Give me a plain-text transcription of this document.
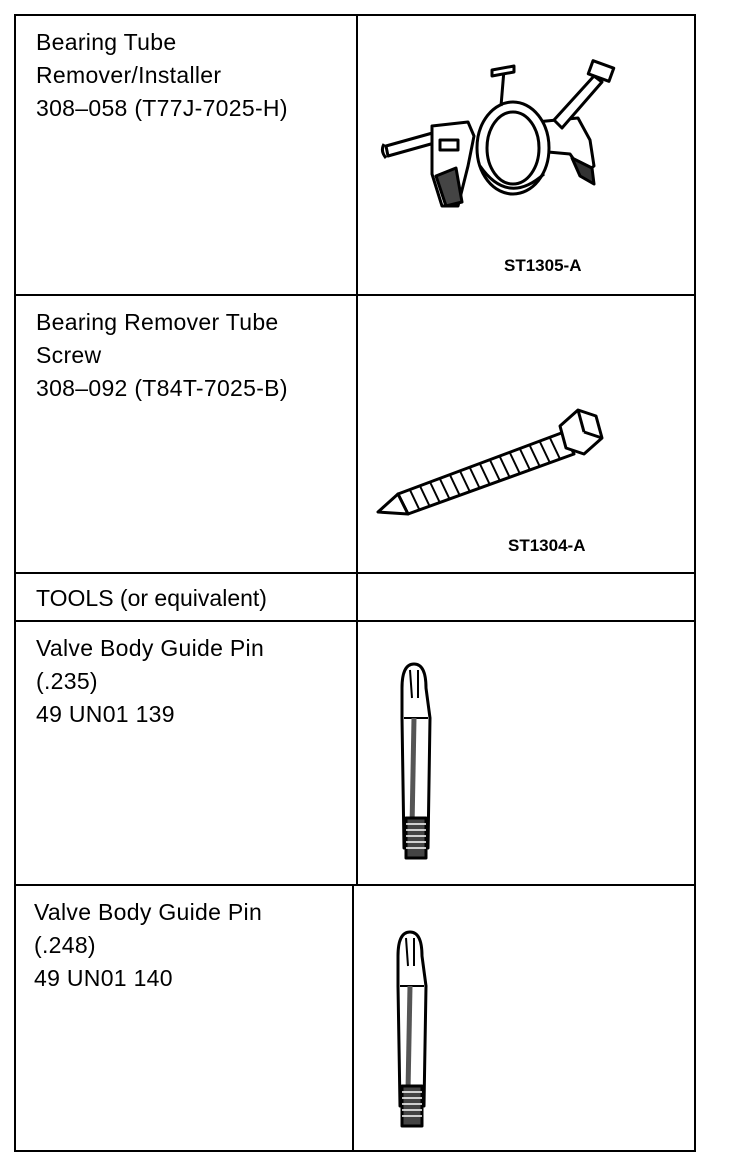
Bearing Tube
Remover/Installer
308–058 (T77J-7025-H)
ST1305-A
Bearing Remover Tube
Screw
308–092 (T84T-7025-B)
ST1304-A
TOOLS (or equivalent)
Valve Body Guide Pin
(.235)
49 UN01 139
Valve Body Guide Pin
(.248)
49 UN01 140
